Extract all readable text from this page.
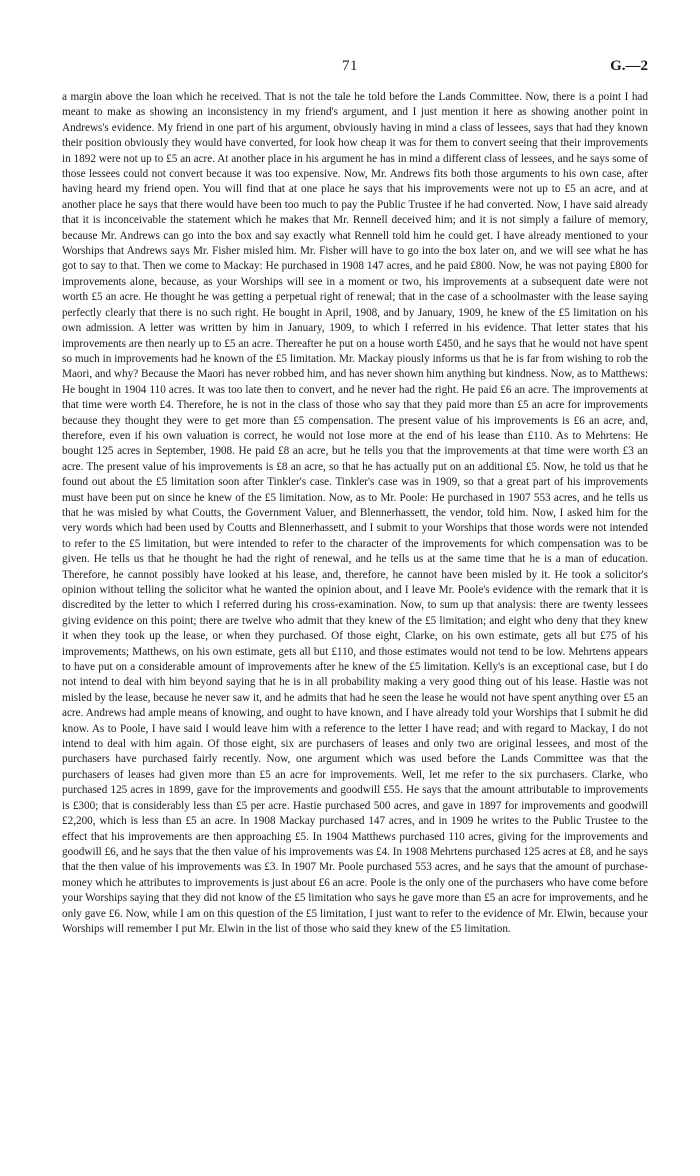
71	G.—2

a margin above the loan which he received. That is not the tale he told before the Lands Committee. Now, there is a point I had meant to make as showing an inconsistency in my friend's argument, and I just mention it here as showing another point in Andrews's evidence. My friend in one part of his argument, obviously having in mind a class of lessees, says that had they known their position obviously they would have converted, for look how cheap it was for them to convert seeing that their improvements in 1892 were not up to £5 an acre. At another place in his argument he has in mind a different class of lessees, and he says some of those lessees could not convert because it was too expensive. Now, Mr. Andrews fits both those arguments to his own case, after having heard my friend open. You will find that at one place he says that his improvements were not up to £5 an acre, and at another place he says that there would have been too much to pay the Public Trustee if he had converted. Now, I have said already that it is inconceivable the statement which he makes that Mr. Rennell deceived him; and it is not simply a failure of memory, because Mr. Andrews can go into the box and say exactly what Rennell told him he could get. I have already mentioned to your Worships that Andrews says Mr. Fisher misled him. Mr. Fisher will have to go into the box later on, and we will see what he has got to say to that. Then we come to Mackay: He purchased in 1908 147 acres, and he paid £800. Now, he was not paying £800 for improvements alone, because, as your Worships will see in a moment or two, his improvements at a subsequent date were not worth £5 an acre. He thought he was getting a perpetual right of renewal; that in the case of a schoolmaster with the lease saying perfectly clearly that there is no such right. He bought in April, 1908, and by January, 1909, he knew of the £5 limitation on his own admission. A letter was written by him in January, 1909, to which I referred in his evidence. That letter states that his improvements are then nearly up to £5 an acre. Thereafter he put on a house worth £450, and he says that he would not have spent so much in improvements had he known of the £5 limitation. Mr. Mackay piously informs us that he is far from wishing to rob the Maori, and why? Because the Maori has never robbed him, and has never shown him anything but kindness. Now, as to Matthews: He bought in 1904 110 acres. It was too late then to convert, and he never had the right. He paid £6 an acre. The improvements at that time were worth £4. Therefore, he is not in the class of those who say that they paid more than £5 an acre for improvements because they thought they were to get more than £5 compensation. The present value of his improvements is £6 an acre, and, therefore, even if his own valuation is correct, he would not lose more at the end of his lease than £110. As to Mehrtens: He bought 125 acres in September, 1908. He paid £8 an acre, but he tells you that the improvements at that time were worth £3 an acre. The present value of his improvements is £8 an acre, so that he has actually put on an additional £5. Now, he told us that he found out about the £5 limitation soon after Tinkler's case. Tinkler's case was in 1909, so that a great part of his improvements must have been put on since he knew of the £5 limitation. Now, as to Mr. Poole: He purchased in 1907 553 acres, and he tells us that he was misled by what Coutts, the Government Valuer, and Blennerhassett, the vendor, told him. Now, I asked him for the very words which had been used by Coutts and Blennerhassett, and I submit to your Worships that those words were not intended to refer to the £5 limitation, but were intended to refer to the character of the improvements for which compensation was to be given. He tells us that he thought he had the right of renewal, and he tells us at the same time that he is a man of education. Therefore, he cannot possibly have looked at his lease, and, therefore, he cannot have been misled by it. He took a solicitor's opinion without telling the solicitor what he wanted the opinion about, and I leave Mr. Poole's evidence with the remark that it is discredited by the letter to which I referred during his cross-examination. Now, to sum up that analysis: there are twenty lessees giving evidence on this point; there are twelve who admit that they knew of the £5 limitation; and eight who deny that they knew it when they took up the lease, or when they purchased. Of those eight, Clarke, on his own estimate, gets all but £75 of his improvements; Matthews, on his own estimate, gets all but £110, and those estimates would not tend to be low. Mehrtens appears to have put on a considerable amount of improvements after he knew of the £5 limitation. Kelly's is an exceptional case, but I do not intend to deal with him beyond saying that he is in all probability making a very good thing out of his lease. Hastie was not misled by the lease, because he never saw it, and he admits that had he seen the lease he would not have spent anything over £5 an acre. Andrews had ample means of knowing, and ought to have known, and I have already told your Worships that I submit he did know. As to Poole, I have said I would leave him with a reference to the letter I have read; and with regard to Mackay, I do not intend to deal with him again. Of those eight, six are purchasers of leases and only two are original lessees, and most of the purchasers have purchased fairly recently. Now, one argument which was used before the Lands Committee was that the purchasers of leases had given more than £5 an acre for improvements. Well, let me refer to the six purchasers. Clarke, who purchased 125 acres in 1899, gave for the improvements and goodwill £55. He says that the amount attributable to improvements is £300; that is considerably less than £5 per acre. Hastie purchased 500 acres, and gave in 1897 for improvements and goodwill £2,200, which is less than £5 an acre. In 1908 Mackay purchased 147 acres, and in 1909 he writes to the Public Trustee to the effect that his improvements are then approaching £5. In 1904 Matthews purchased 110 acres, giving for the improvements and goodwill £6, and he says that the then value of his improvements was £4. In 1908 Mehrtens purchased 125 acres at £8, and he says that the then value of his improvements was £3. In 1907 Mr. Poole purchased 553 acres, and he says that the amount of purchase-money which he attributes to improvements is just about £6 an acre. Poole is the only one of the purchasers who have come before your Worships saying that they did not know of the £5 limitation who says he gave more than £5 an acre for improvements, and he only gave £6. Now, while I am on this question of the £5 limitation, I just want to refer to the evidence of Mr. Elwin, because your Worships will remember I put Mr. Elwin in the list of those who said they knew of the £5 limitation.
